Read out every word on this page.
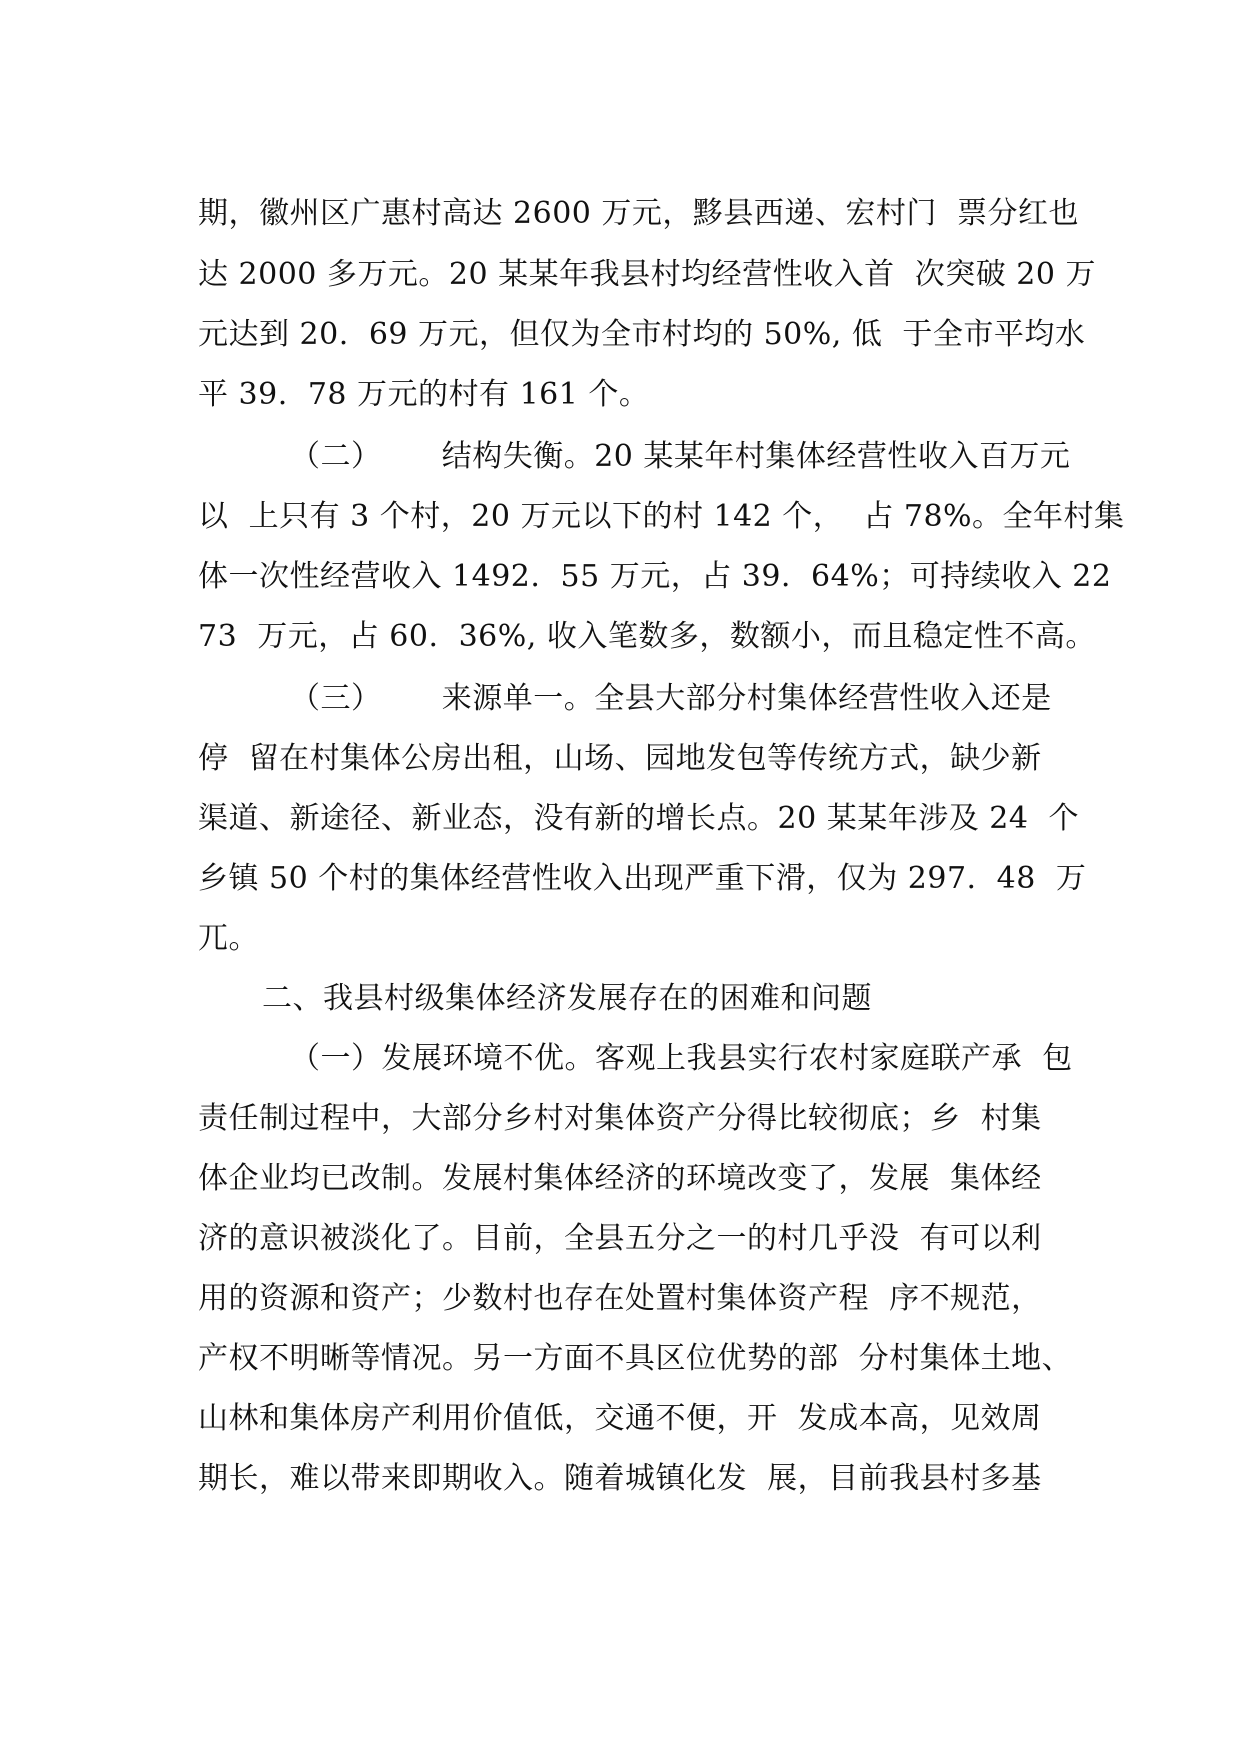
期，徽州区广惠村高达 2600 万元，黟县西递、宏村门  票分红也
达 2000 多万元。20 某某年我县村均经营性收入首  次突破 20 万
元达到 20.  69 万元，但仅为全市村均的 50%, 低  于全市平均水
平 39.  78 万元的村有 161 个。
（二）      结构失衡。20 某某年村集体经营性收入百万元
以  上只有 3 个村，20 万元以下的村 142 个，  占 78%。全年村集
体一次性经营收入 1492.  55 万元，占 39.  64%；可持续收入 22
73  万元，占 60.  36%, 收入笔数多，数额小，而且稳定性不高。
（三）      来源单一。全县大部分村集体经营性收入还是
停  留在村集体公房出租，山场、园地发包等传统方式，缺少新
渠道、新途径、新业态，没有新的增长点。20 某某年涉及 24  个
乡镇 50 个村的集体经营性收入出现严重下滑，仅为 297.  48  万
兀。
二、我县村级集体经济发展存在的困难和问题
（一）发展环境不优。客观上我县实行农村家庭联产承  包
责任制过程中，大部分乡村对集体资产分得比较彻底；乡  村集
体企业均已改制。发展村集体经济的环境改变了，发展  集体经
济的意识被淡化了。目前，全县五分之一的村几乎没  有可以利
用的资源和资产；少数村也存在处置村集体资产程  序不规范，
产权不明晰等情况。另一方面不具区位优势的部  分村集体土地、
山林和集体房产利用价值低，交通不便，开  发成本高，见效周
期长，难以带来即期收入。随着城镇化发  展，目前我县村多基
